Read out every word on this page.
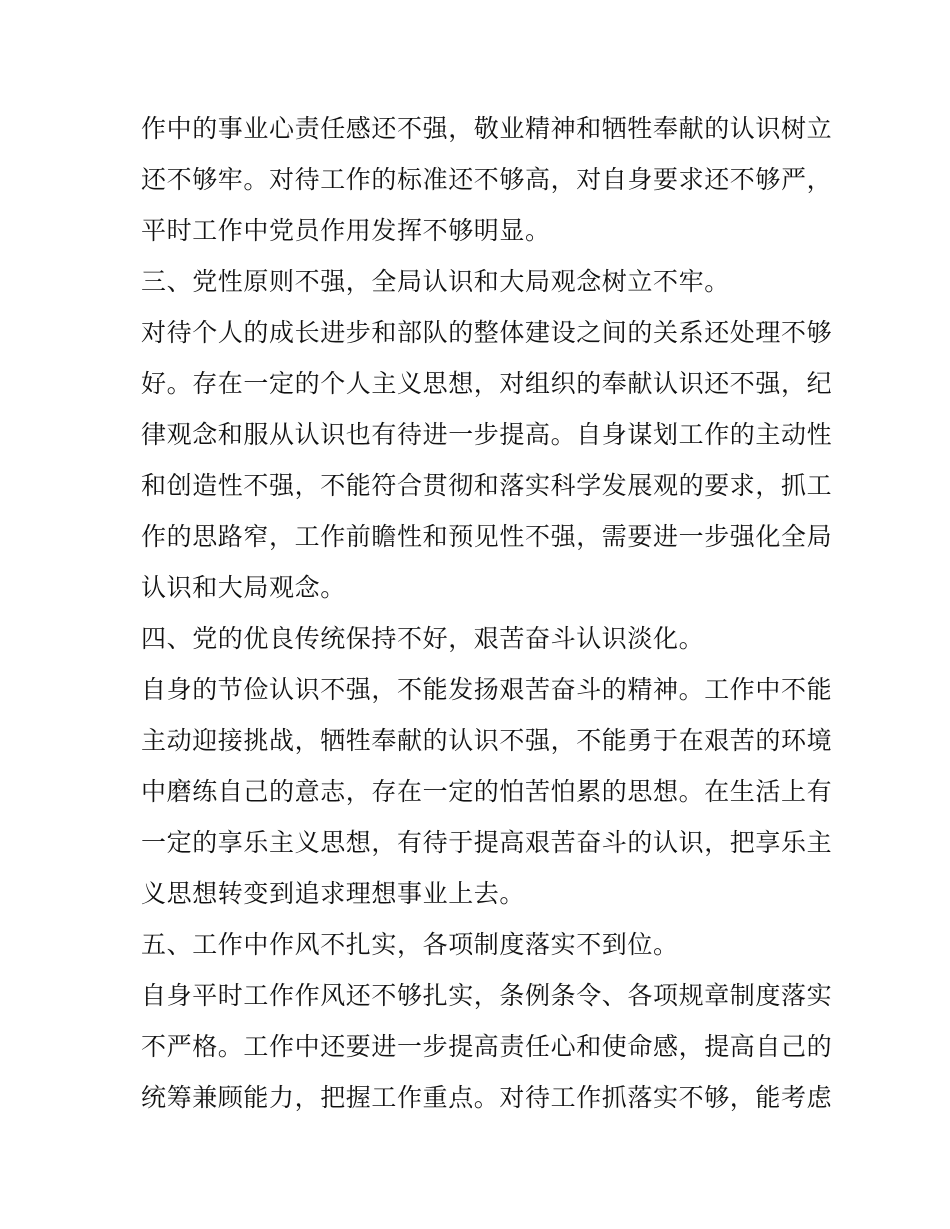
作中的事业心责任感还不强，敬业精神和牺牲奉献的认识树立
还不够牢。对待工作的标准还不够高，对自身要求还不够严，
平时工作中党员作用发挥不够明显。
三、党性原则不强，全局认识和大局观念树立不牢。
对待个人的成长进步和部队的整体建设之间的关系还处理不够
好。存在一定的个人主义思想，对组织的奉献认识还不强，纪
律观念和服从认识也有待进一步提高。自身谋划工作的主动性
和创造性不强，不能符合贯彻和落实科学发展观的要求，抓工
作的思路窄，工作前瞻性和预见性不强，需要进一步强化全局
认识和大局观念。
四、党的优良传统保持不好，艰苦奋斗认识淡化。
自身的节俭认识不强，不能发扬艰苦奋斗的精神。工作中不能
主动迎接挑战，牺牲奉献的认识不强，不能勇于在艰苦的环境
中磨练自己的意志，存在一定的怕苦怕累的思想。在生活上有
一定的享乐主义思想，有待于提高艰苦奋斗的认识，把享乐主
义思想转变到追求理想事业上去。
五、工作中作风不扎实，各项制度落实不到位。
自身平时工作作风还不够扎实，条例条令、各项规章制度落实
不严格。工作中还要进一步提高责任心和使命感，提高自己的
统筹兼顾能力，把握工作重点。对待工作抓落实不够，能考虑
